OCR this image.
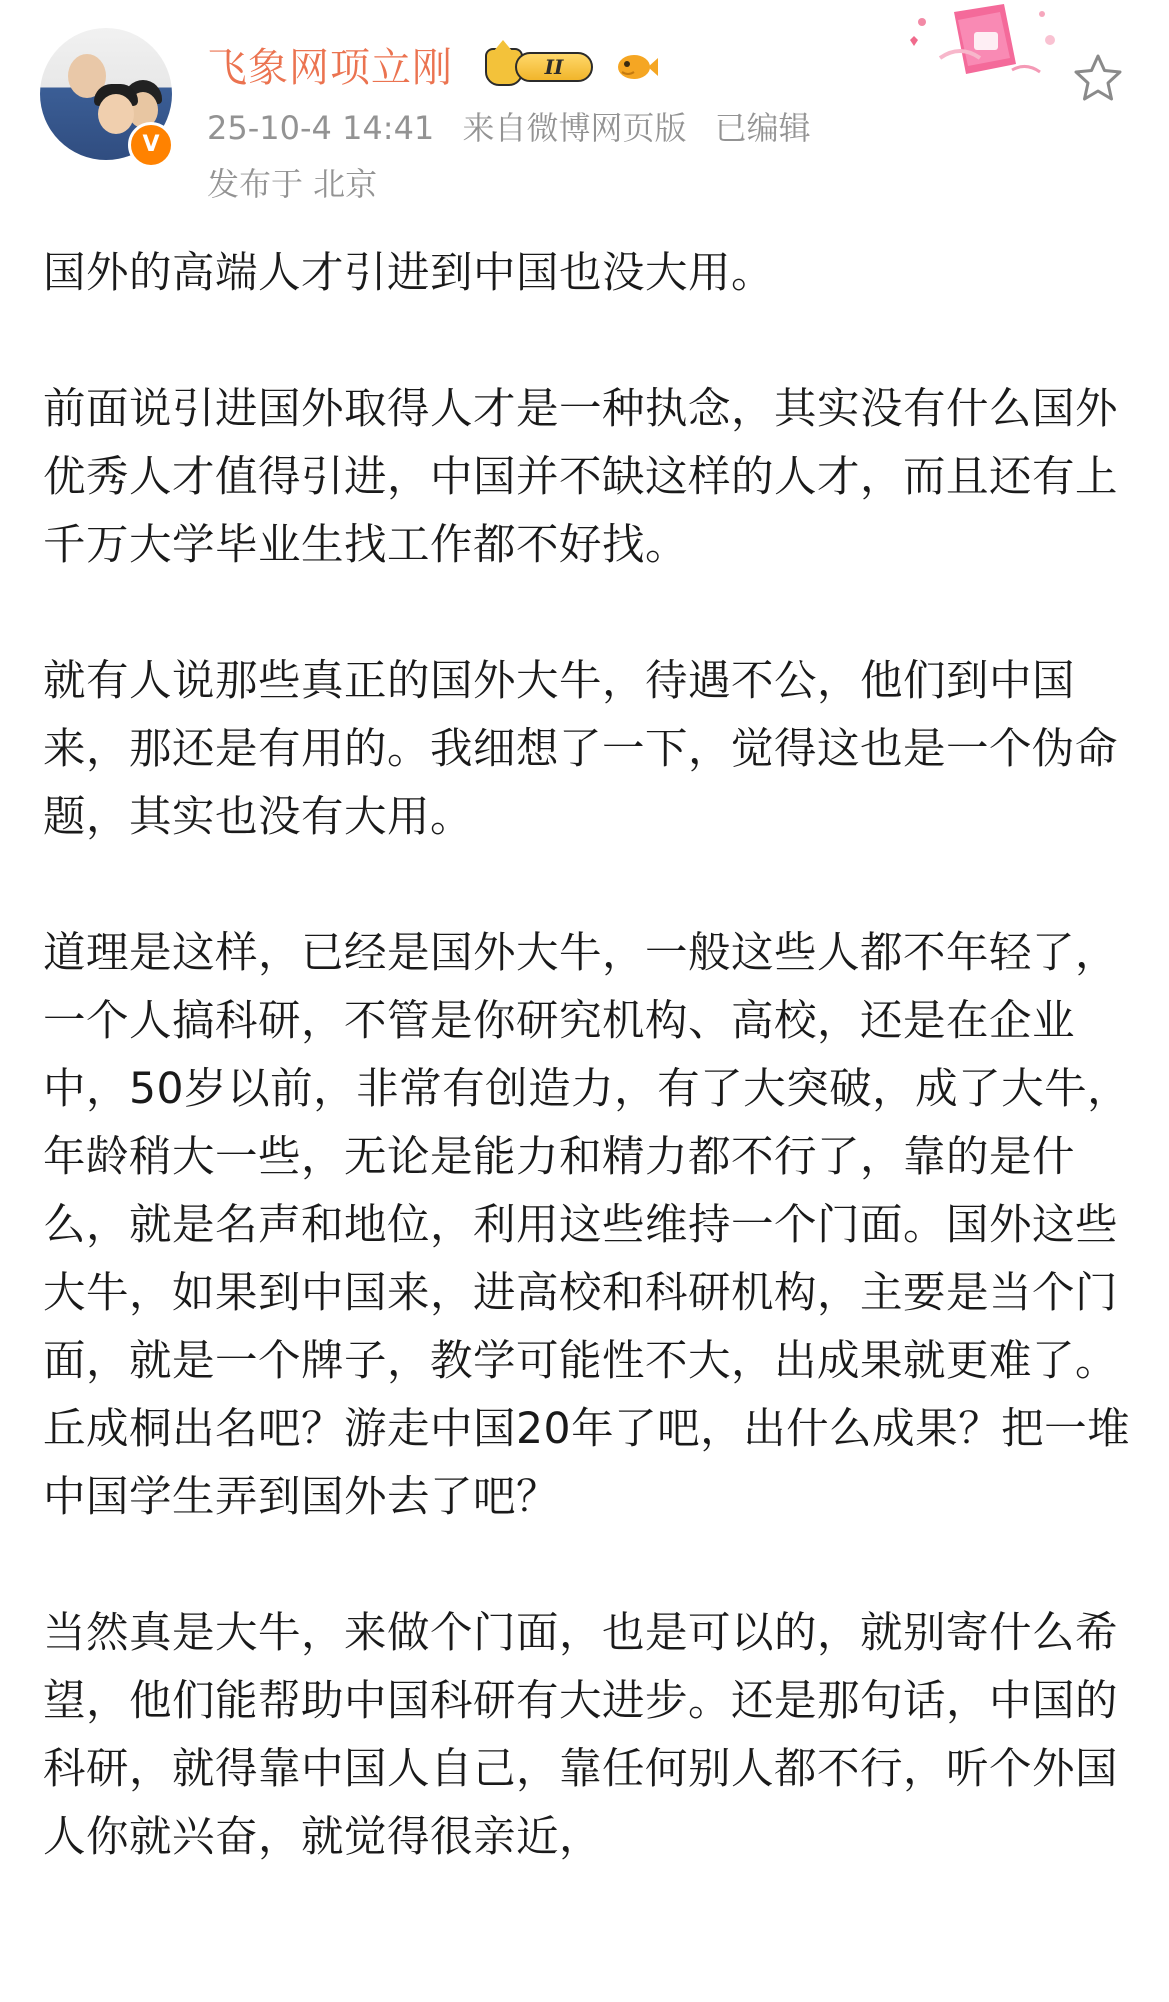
V
飞象网项立刚	II
25-10-4 14:41 来自微博网页版 已编辑
发布于 北京

国外的高端人才引进到中国也没大用。

前面说引进国外取得人才是一种执念，其实没有什么国外优秀人才值得引进，中国并不缺这样的人才，而且还有上千万大学毕业生找工作都不好找。

就有人说那些真正的国外大牛，待遇不公，他们到中国来，那还是有用的。我细想了一下，觉得这也是一个伪命题，其实也没有大用。

道理是这样，已经是国外大牛，一般这些人都不年轻了，一个人搞科研，不管是你研究机构、高校，还是在企业中，50岁以前，非常有创造力，有了大突破，成了大牛，年龄稍大一些，无论是能力和精力都不行了，靠的是什么，就是名声和地位，利用这些维持一个门面。国外这些大牛，如果到中国来，进高校和科研机构，主要是当个门面，就是一个牌子，教学可能性不大，出成果就更难了。丘成桐出名吧？游走中国20年了吧，出什么成果？把一堆中国学生弄到国外去了吧？

当然真是大牛，来做个门面，也是可以的，就别寄什么希望，他们能帮助中国科研有大进步。还是那句话，中国的科研，就得靠中国人自己，靠任何别人都不行，听个外国人你就兴奋，就觉得很亲近，
